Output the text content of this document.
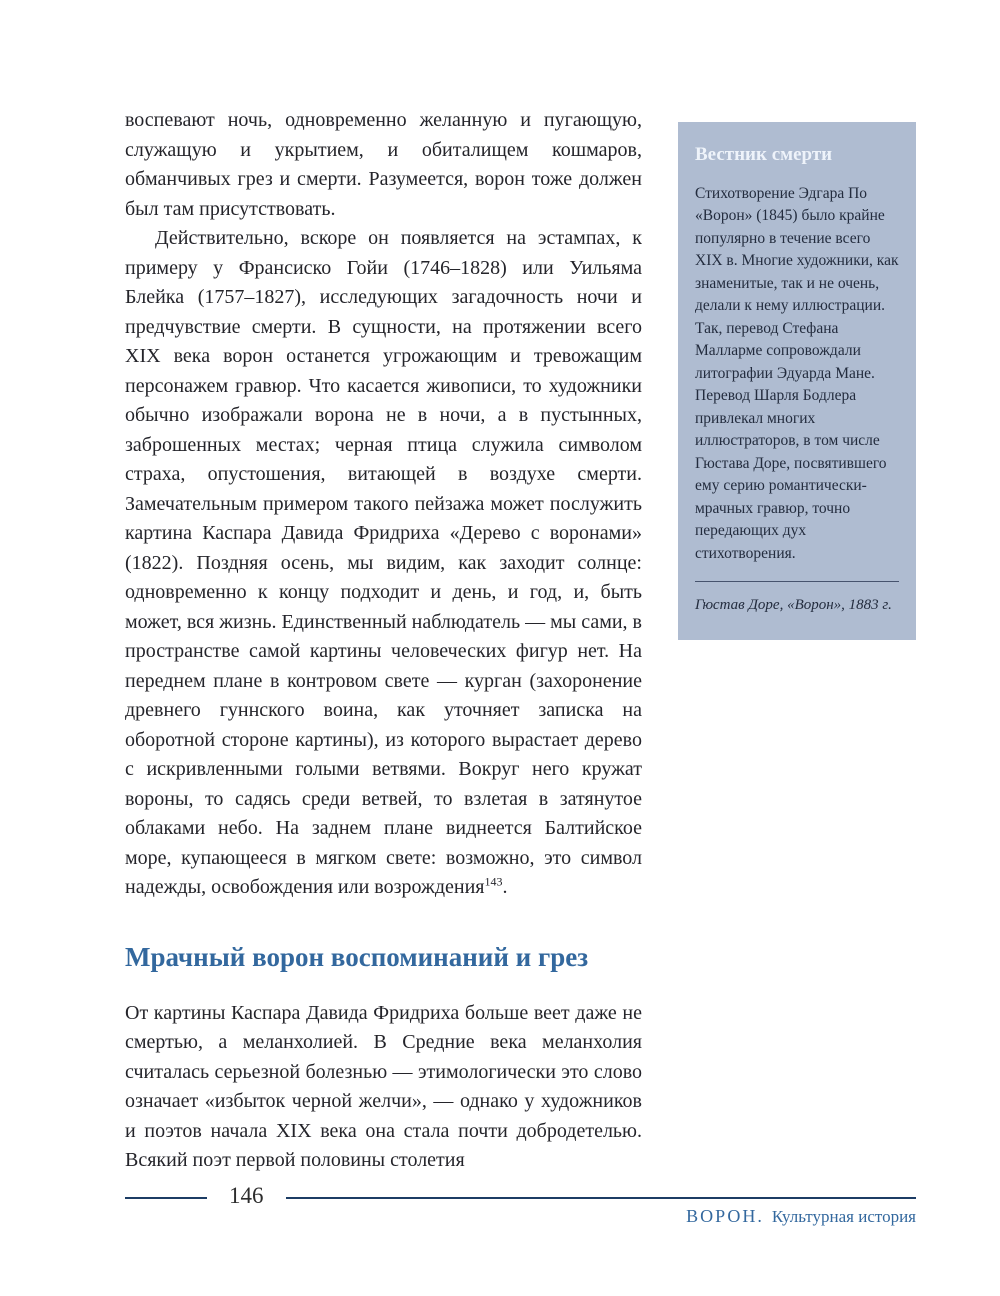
воспевают ночь, одновременно желанную и пугающую, служащую и укрытием, и обиталищем кошмаров, обманчивых грез и смерти. Разумеется, ворон тоже должен был там присутствовать.

Действительно, вскоре он появляется на эстампах, к примеру у Франсиско Гойи (1746–1828) или Уильяма Блейка (1757–1827), исследующих загадочность ночи и предчувствие смерти. В сущности, на протяжении всего XIX века ворон останется угрожающим и тревожащим персонажем гравюр. Что касается живописи, то художники обычно изображали ворона не в ночи, а в пустынных, заброшенных местах; черная птица служила символом страха, опустошения, витающей в воздухе смерти. Замечательным примером такого пейзажа может послужить картина Каспара Давида Фридриха «Дерево с воронами» (1822). Поздняя осень, мы видим, как заходит солнце: одновременно к концу подходит и день, и год, и, быть может, вся жизнь. Единственный наблюдатель — мы сами, в пространстве самой картины человеческих фигур нет. На переднем плане в контровом свете — курган (захоронение древнего гуннского воина, как уточняет записка на оборотной стороне картины), из которого вырастает дерево с искривленными голыми ветвями. Вокруг него кружат вороны, то садясь среди ветвей, то взлетая в затянутое облаками небо. На заднем плане виднеется Балтийское море, купающееся в мягком свете: возможно, это символ надежды, освобождения или возрождения$^{143}$.

Мрачный ворон воспоминаний и грез

От картины Каспара Давида Фридриха больше веет даже не смертью, а меланхолией. В Средние века меланхолия считалась серьезной болезнью — этимологически это слово означает «избыток черной желчи», — однако у художников и поэтов начала XIX века она стала почти добродетелью. Всякий поэт первой половины столетия

Вестник смерти

Стихотворение Эдгара По «Ворон» (1845) было крайне популярно в течение всего XIX в. Многие художники, как знаменитые, так и не очень, делали к нему иллюстрации. Так, перевод Стефана Малларме сопровождали литографии Эдуарда Мане. Перевод Шарля Бодлера привлекал многих иллюстраторов, в том числе Гюстава Доре, посвятившего ему серию романтически-мрачных гравюр, точно передающих дух стихотворения.

Гюстав Доре, «Ворон», 1883 г.

146
ВОРОН. Культурная история
